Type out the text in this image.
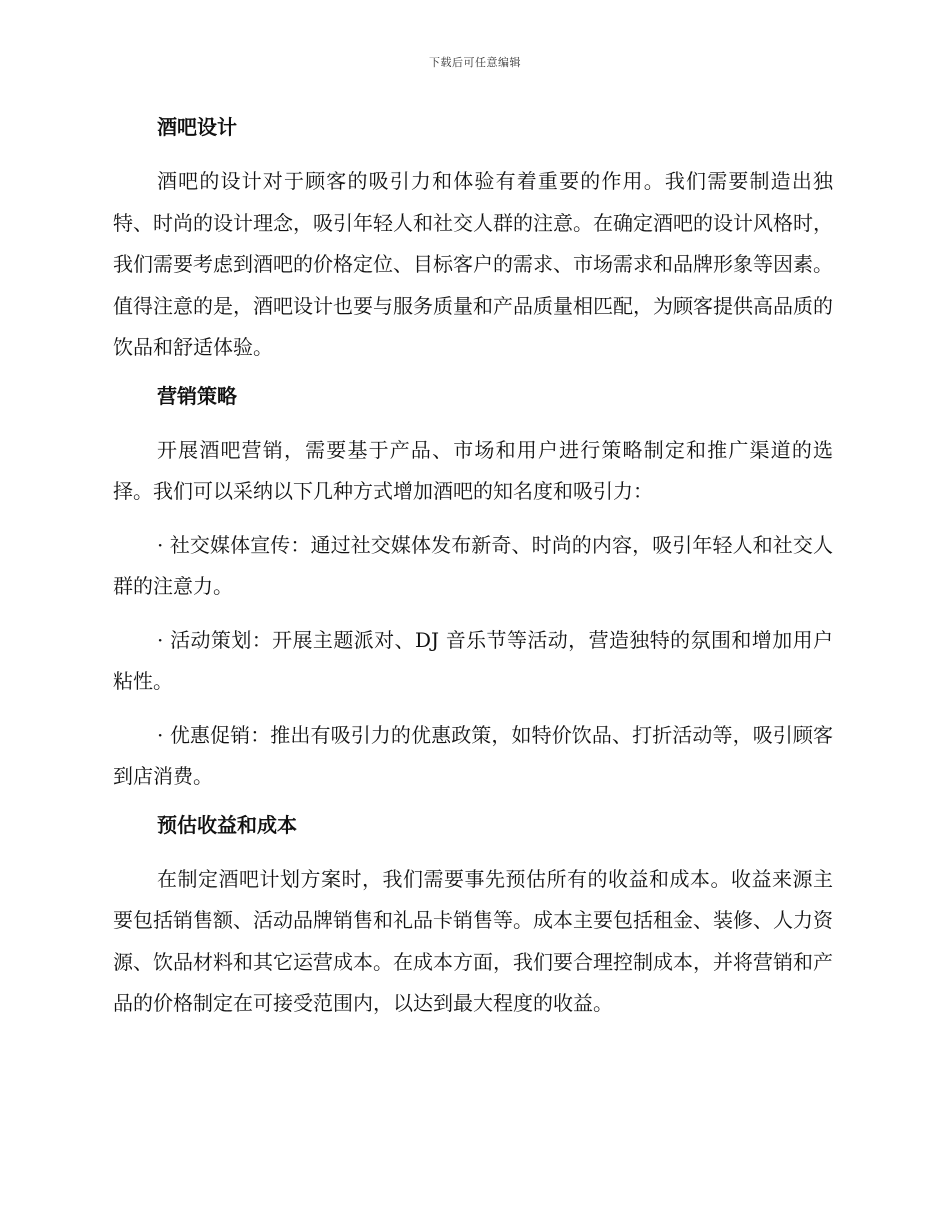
下载后可任意编辑
酒吧设计

酒吧的设计对于顾客的吸引力和体验有着重要的作用。我们需要制造出独特、时尚的设计理念，吸引年轻人和社交人群的注意。在确定酒吧的设计风格时，我们需要考虑到酒吧的价格定位、目标客户的需求、市场需求和品牌形象等因素。值得注意的是，酒吧设计也要与服务质量和产品质量相匹配，为顾客提供高品质的饮品和舒适体验。

营销策略

开展酒吧营销，需要基于产品、市场和用户进行策略制定和推广渠道的选择。我们可以采纳以下几种方式增加酒吧的知名度和吸引力：

· 社交媒体宣传：通过社交媒体发布新奇、时尚的内容，吸引年轻人和社交人群的注意力。

· 活动策划：开展主题派对、DJ 音乐节等活动，营造独特的氛围和增加用户粘性。

· 优惠促销：推出有吸引力的优惠政策，如特价饮品、打折活动等，吸引顾客到店消费。

预估收益和成本

在制定酒吧计划方案时，我们需要事先预估所有的收益和成本。收益来源主要包括销售额、活动品牌销售和礼品卡销售等。成本主要包括租金、装修、人力资源、饮品材料和其它运营成本。在成本方面，我们要合理控制成本，并将营销和产品的价格制定在可接受范围内，以达到最大程度的收益。
